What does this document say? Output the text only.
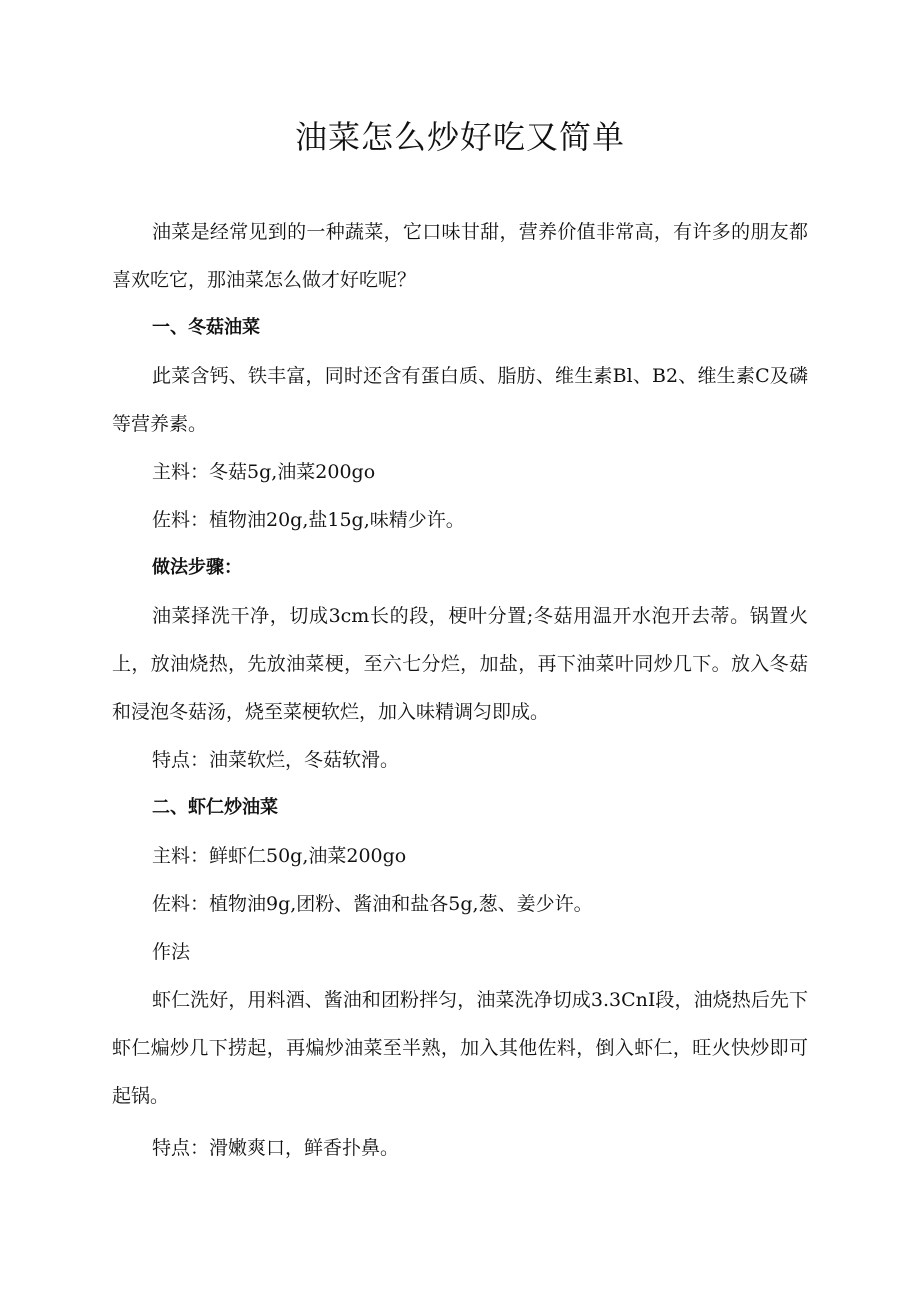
油菜怎么炒好吃又简单

油菜是经常见到的一种蔬菜，它口味甘甜，营养价值非常高，有许多的朋友都喜欢吃它，那油菜怎么做才好吃呢？

一、冬菇油菜

此菜含钙、铁丰富，同时还含有蛋白质、脂肪、维生素Bl、B2、维生素C及磷等营养素。

主料：冬菇5g,油菜200go

佐料：植物油20g,盐15g,味精少许。

做法步骤：

油菜择洗干净，切成3cm长的段，梗叶分置;冬菇用温开水泡开去蒂。锅置火上，放油烧热，先放油菜梗，至六七分烂，加盐，再下油菜叶同炒几下。放入冬菇和浸泡冬菇汤，烧至菜梗软烂，加入味精调匀即成。

特点：油菜软烂，冬菇软滑。

二、虾仁炒油菜

主料：鲜虾仁50g,油菜200go

佐料：植物油9g,团粉、酱油和盐各5g,葱、姜少许。

作法

虾仁洗好，用料酒、酱油和团粉拌匀，油菜洗净切成3.3CnI段，油烧热后先下虾仁煸炒几下捞起，再煸炒油菜至半熟，加入其他佐料，倒入虾仁，旺火快炒即可起锅。

特点：滑嫩爽口，鲜香扑鼻。
